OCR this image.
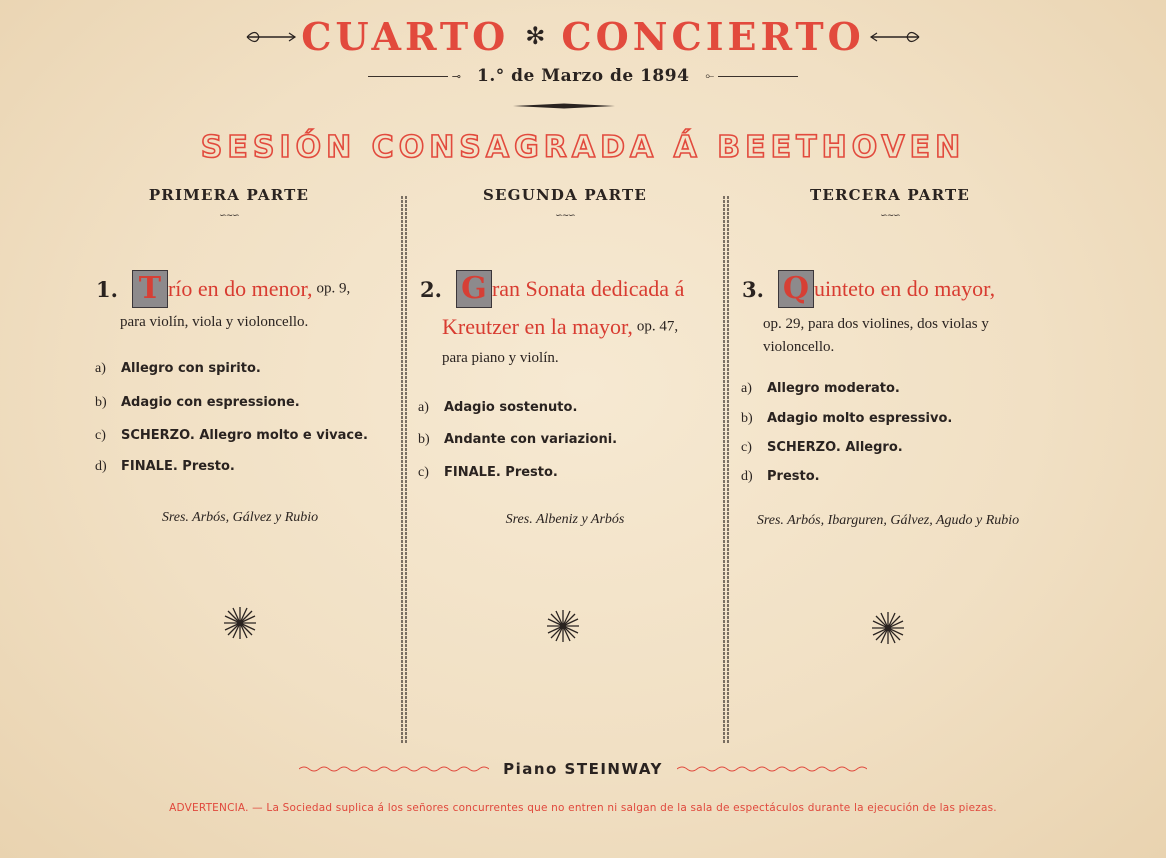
CUARTO ✻ CONCIERTO
⊸ 1.° de Marzo de 1894 ⟜
SESIÓN CONSAGRADA Á BEETHOVEN
PRIMERA PARTE
∽∼∽
1. T río en do menor, op. 9,
para violín, viola y violoncello.
a) Allegro con spirito.
b) Adagio con espressione.
c) SCHERZO. Allegro molto e vivace.
d) FINALE. Presto.
Sres. Arbós, Gálvez y Rubio
SEGUNDA PARTE
∽∼∽
2. G ran Sonata dedicada á
Kreutzer en la mayor, op. 47,
para piano y violín.
a) Adagio sostenuto.
b) Andante con variazioni.
c) FINALE. Presto.
Sres. Albeniz y Arbós
TERCERA PARTE
∽∼∽
3. Q uinteto en do mayor,
op. 29, para dos violines, dos violas y
violoncello.
a) Allegro moderato.
b) Adagio molto espressivo.
c) SCHERZO. Allegro.
d) Presto.
Sres. Arbós, Ibarguren, Gálvez, Agudo y Rubio
Piano STEINWAY
ADVERTENCIA. — La Sociedad suplica á los señores concurrentes que no entren ni salgan de la sala de espectáculos durante la ejecución de las piezas.
